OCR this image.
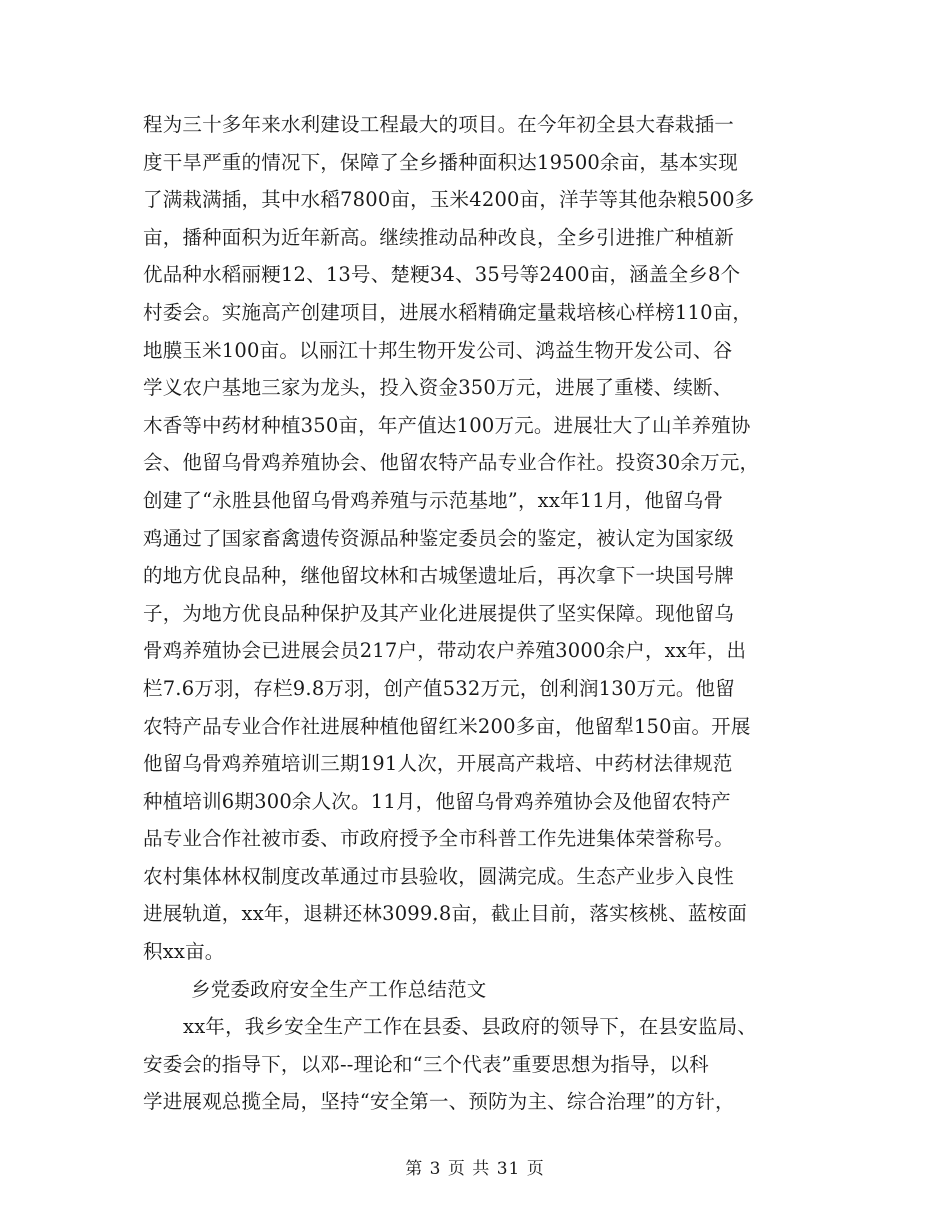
程为三十多年来水利建设工程最大的项目。在今年初全县大春栽插一
度干旱严重的情况下，保障了全乡播种面积达19500余亩，基本实现
了满栽满插，其中水稻7800亩，玉米4200亩，洋芋等其他杂粮500多
亩，播种面积为近年新高。继续推动品种改良，全乡引进推广种植新
优品种水稻丽粳12、13号、楚粳34、35号等2400亩，涵盖全乡8个
村委会。实施高产创建项目，进展水稻精确定量栽培核心样榜110亩，
地膜玉米100亩。以丽江十邦生物开发公司、鸿益生物开发公司、谷
学义农户基地三家为龙头，投入资金350万元，进展了重楼、续断、
木香等中药材种植350亩，年产值达100万元。进展壮大了山羊养殖协
会、他留乌骨鸡养殖协会、他留农特产品专业合作社。投资30余万元，
创建了“永胜县他留乌骨鸡养殖与示范基地”，xx年11月，他留乌骨
鸡通过了国家畜禽遗传资源品种鉴定委员会的鉴定，被认定为国家级
的地方优良品种，继他留坟林和古城堡遗址后，再次拿下一块国号牌
子，为地方优良品种保护及其产业化进展提供了坚实保障。现他留乌
骨鸡养殖协会已进展会员217户，带动农户养殖3000余户，xx年，出
栏7.6万羽，存栏9.8万羽，创产值532万元，创利润130万元。他留
农特产品专业合作社进展种植他留红米200多亩，他留犁150亩。开展
他留乌骨鸡养殖培训三期191人次，开展高产栽培、中药材法律规范
种植培训6期300余人次。11月，他留乌骨鸡养殖协会及他留农特产
品专业合作社被市委、市政府授予全市科普工作先进集体荣誉称号。
农村集体林权制度改革通过市县验收，圆满完成。生态产业步入良性
进展轨道，xx年，退耕还林3099.8亩，截止目前，落实核桃、蓝桉面
积xx亩。
乡党委政府安全生产工作总结范文
xx年，我乡安全生产工作在县委、县政府的领导下，在县安监局、
安委会的指导下，以邓--理论和“三个代表”重要思想为指导，以科
学进展观总揽全局，坚持“安全第一、预防为主、综合治理”的方针，
第 3 页 共 31 页
